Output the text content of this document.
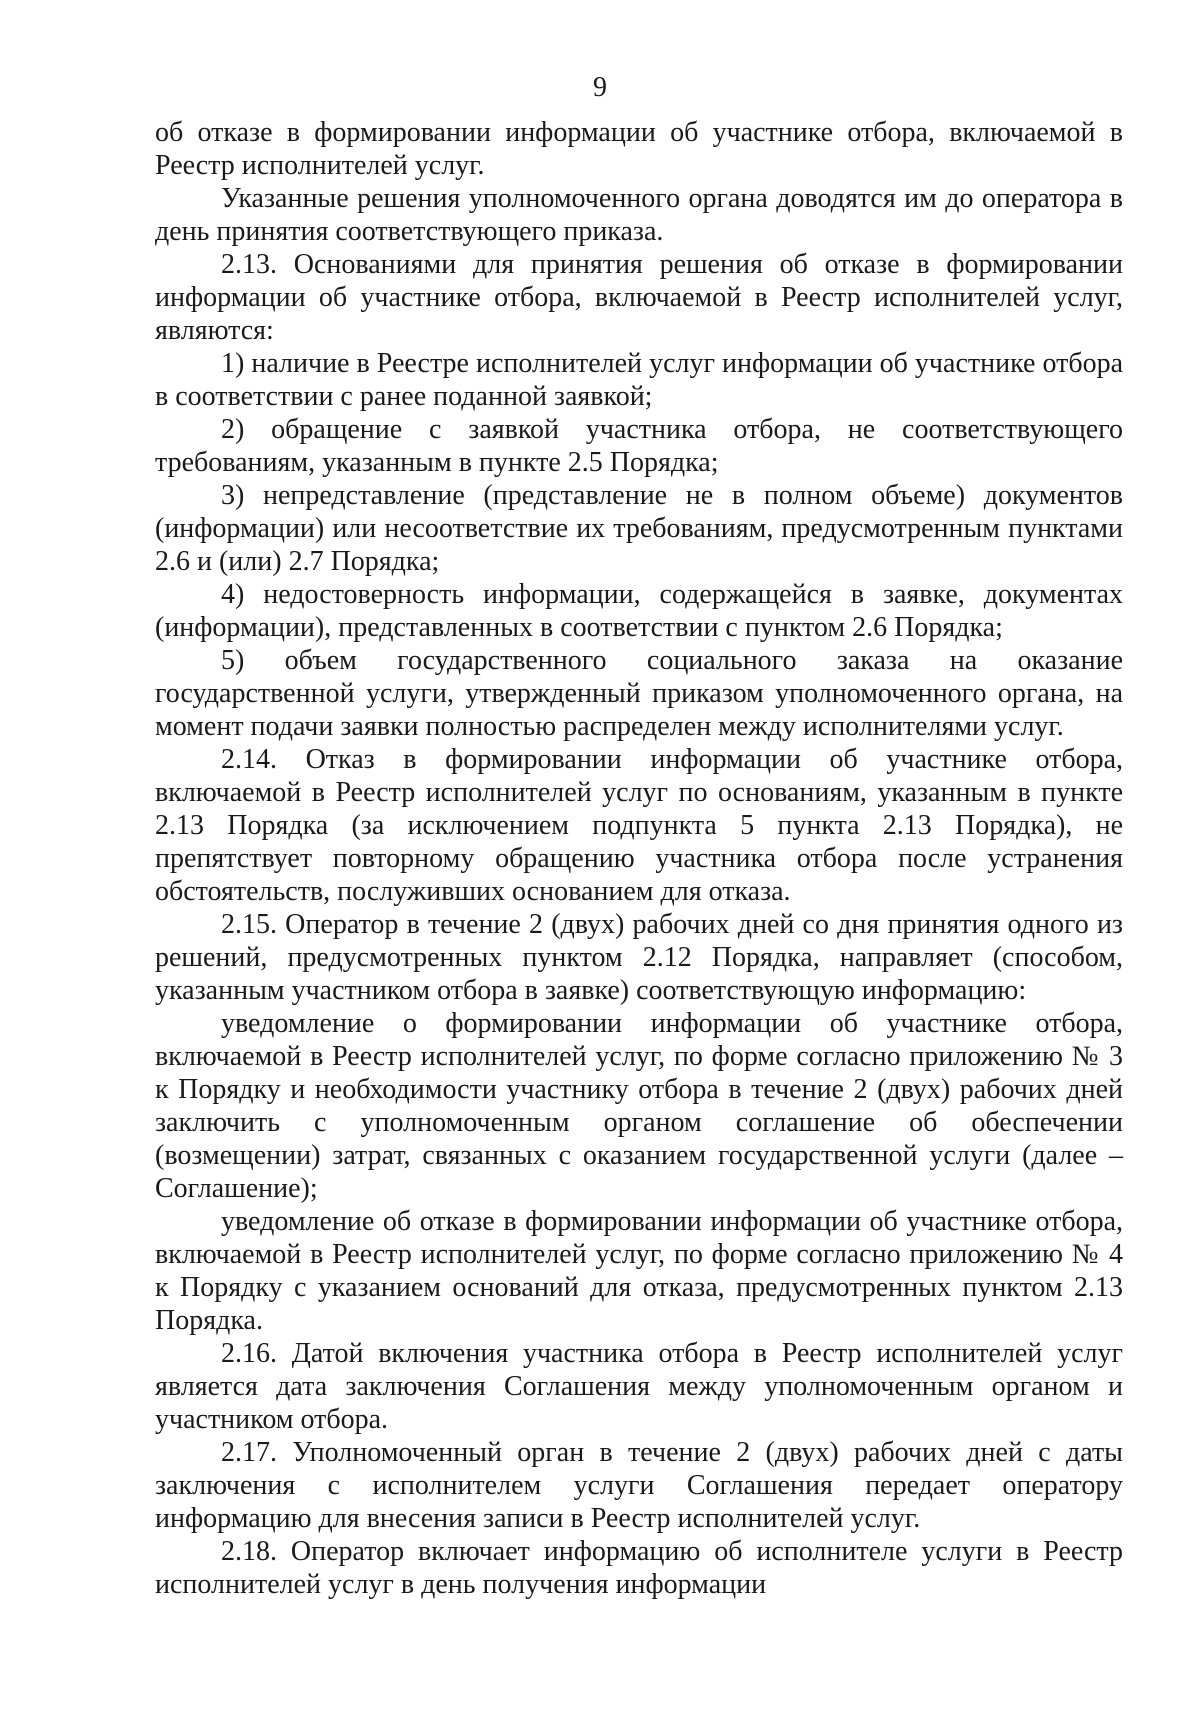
9

об отказе в формировании информации об участнике отбора, включаемой в Реестр исполнителей услуг.

Указанные решения уполномоченного органа доводятся им до оператора в день принятия соответствующего приказа.

2.13. Основаниями для принятия решения об отказе в формировании информации об участнике отбора, включаемой в Реестр исполнителей услуг, являются:

1) наличие в Реестре исполнителей услуг информации об участнике отбора в соответствии с ранее поданной заявкой;

2) обращение с заявкой участника отбора, не соответствующего требованиям, указанным в пункте 2.5 Порядка;

3) непредставление (представление не в полном объеме) документов (информации) или несоответствие их требованиям, предусмотренным пунктами 2.6 и (или) 2.7 Порядка;

4) недостоверность информации, содержащейся в заявке, документах (информации), представленных в соответствии с пунктом 2.6 Порядка;

5) объем государственного социального заказа на оказание государственной услуги, утвержденный приказом уполномоченного органа, на момент подачи заявки полностью распределен между исполнителями услуг.

2.14. Отказ в формировании информации об участнике отбора, включаемой в Реестр исполнителей услуг по основаниям, указанным в пункте 2.13 Порядка (за исключением подпункта 5 пункта 2.13 Порядка), не препятствует повторному обращению участника отбора после устранения обстоятельств, послуживших основанием для отказа.

2.15. Оператор в течение 2 (двух) рабочих дней со дня принятия одного из решений, предусмотренных пунктом 2.12 Порядка, направляет (способом, указанным участником отбора в заявке) соответствующую информацию:

уведомление о формировании информации об участнике отбора, включаемой в Реестр исполнителей услуг, по форме согласно приложению № 3 к Порядку и необходимости участнику отбора в течение 2 (двух) рабочих дней заключить с уполномоченным органом соглашение об обеспечении (возмещении) затрат, связанных с оказанием государственной услуги (далее – Соглашение);

уведомление об отказе в формировании информации об участнике отбора, включаемой в Реестр исполнителей услуг, по форме согласно приложению № 4 к Порядку с указанием оснований для отказа, предусмотренных пунктом 2.13 Порядка.

2.16. Датой включения участника отбора в Реестр исполнителей услуг является дата заключения Соглашения между уполномоченным органом и участником отбора.

2.17. Уполномоченный орган в течение 2 (двух) рабочих дней с даты заключения с исполнителем услуги Соглашения передает оператору информацию для внесения записи в Реестр исполнителей услуг.

2.18. Оператор включает информацию об исполнителе услуги в Реестр исполнителей услуг в день получения информации
